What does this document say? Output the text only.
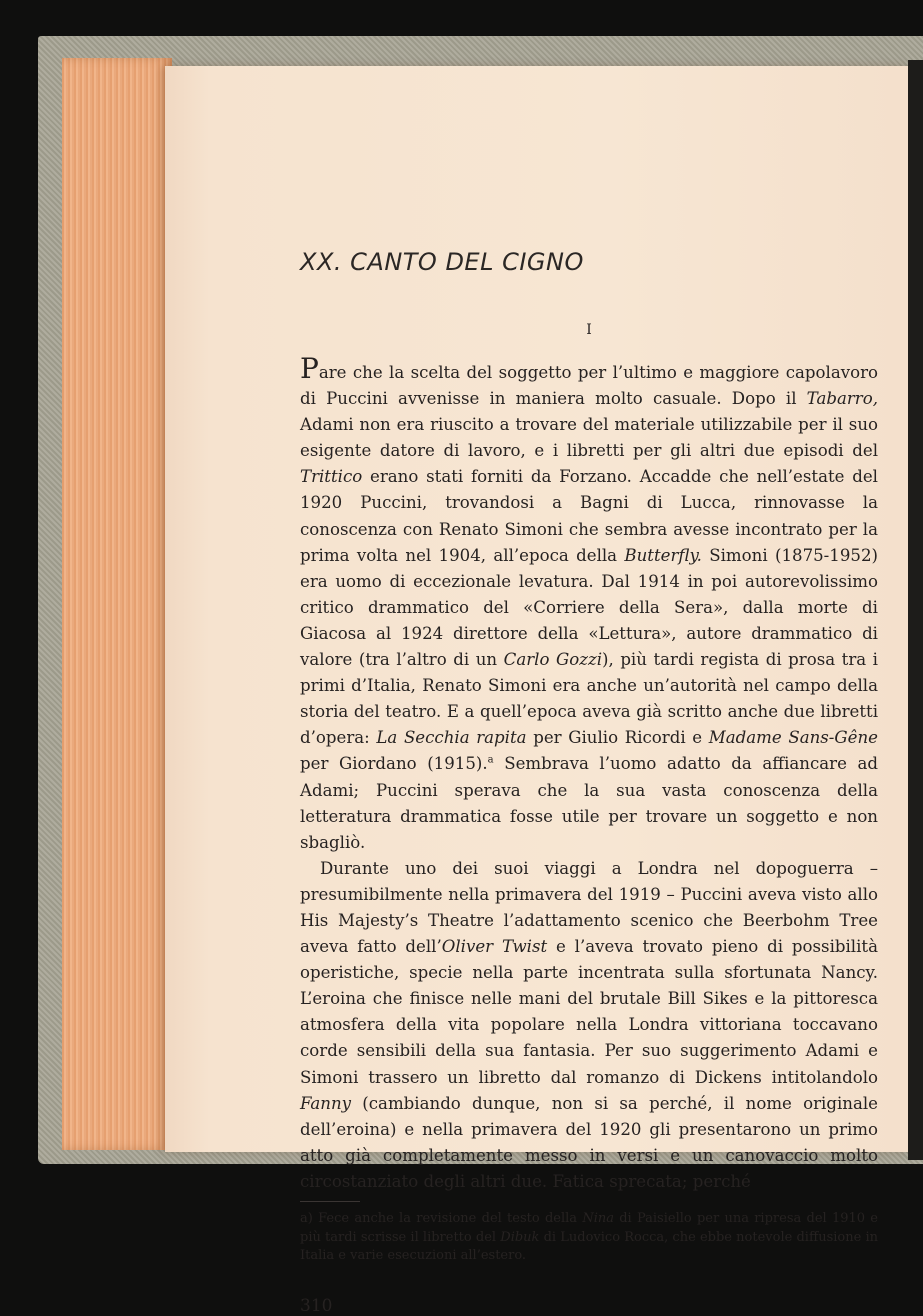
XX. CANTO DEL CIGNO
I

Pare che la scelta del soggetto per l’ultimo e maggiore capolavoro di Puccini avvenisse in maniera molto casuale. Dopo il Tabarro, Adami non era riuscito a trovare del materiale utilizzabile per il suo esigente datore di lavoro, e i libretti per gli altri due episodi del Trittico erano stati forniti da Forzano. Accadde che nell’estate del 1920 Puccini, trovandosi a Bagni di Lucca, rinnovasse la conoscenza con Renato Simoni che sembra avesse incontrato per la prima volta nel 1904, all’epoca della Butterfly. Simoni (1875-1952) era uomo di eccezionale levatura. Dal 1914 in poi autorevolissimo critico drammatico del «Corriere della Sera», dalla morte di Giacosa al 1924 direttore della «Lettura», autore drammatico di valore (tra l’altro di un Carlo Gozzi), più tardi regista di prosa tra i primi d’Italia, Renato Simoni era anche un’autorità nel campo della storia del teatro. E a quell’epoca aveva già scritto anche due libretti d’opera: La Secchia rapita per Giulio Ricordi e Madame Sans-Gêne per Giordano (1915).$^a$ Sembrava l’uomo adatto da affiancare ad Adami; Puccini sperava che la sua vasta conoscenza della letteratura drammatica fosse utile per trovare un soggetto e non sbagliò.

Durante uno dei suoi viaggi a Londra nel dopoguerra – presumibilmente nella primavera del 1919 – Puccini aveva visto allo His Majesty’s Theatre l’adattamento scenico che Beerbohm Tree aveva fatto dell’Oliver Twist e l’aveva trovato pieno di possibilità operistiche, specie nella parte incentrata sulla sfortunata Nancy. L’eroina che finisce nelle mani del brutale Bill Sikes e la pittoresca atmosfera della vita popolare nella Londra vittoriana toccavano corde sensibili della sua fantasia. Per suo suggerimento Adami e Simoni trassero un libretto dal romanzo di Dickens intitolandolo Fanny (cambiando dunque, non si sa perché, il nome originale dell’eroina) e nella primavera del 1920 gli presentarono un primo atto già completamente messo in versi e un canovaccio molto circostanziato degli altri due. Fatica sprecata; perché

a) Fece anche la revisione del testo della Nina di Paisiello per una ripresa del 1910 e più tardi scrisse il libretto del Dibuk di Ludovico Rocca, che ebbe notevole diffusione in Italia e varie esecuzioni all’estero.
310
